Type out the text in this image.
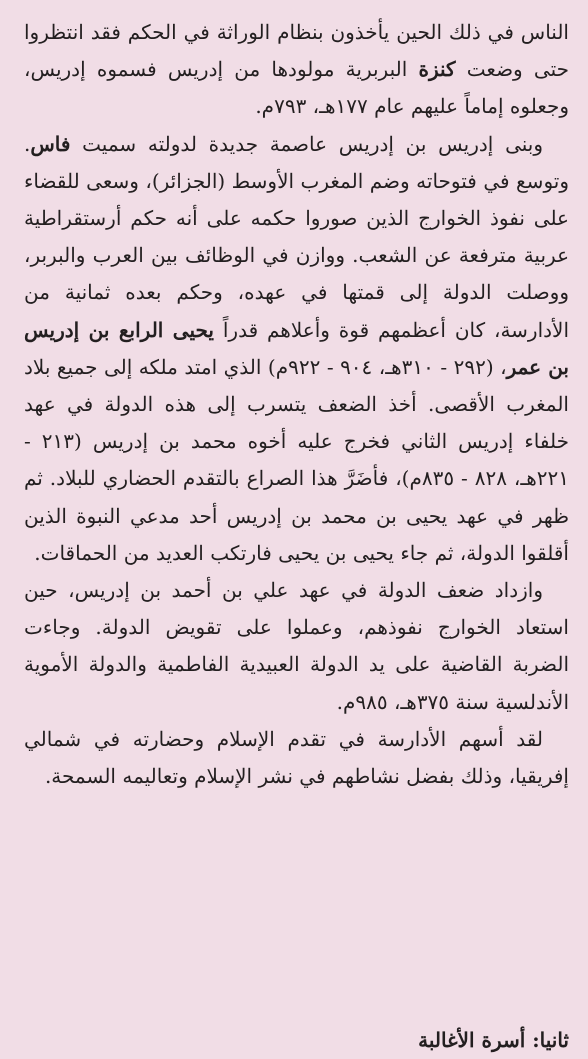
الناس في ذلك الحين يأخذون بنظام الوراثة في الحكم فقد انتظروا حتى وضعت كنزة البربرية مولودها من إدريس فسموه إدريس، وجعلوه إماماً عليهم عام ١٧٧هـ، ٧٩٣م.

وبنى إدريس بن إدريس عاصمة جديدة لدولته سميت فاس. وتوسع في فتوحاته وضم المغرب الأوسط (الجزائر)، وسعى للقضاء على نفوذ الخوارج الذين صوروا حكمه على أنه حكم أرستقراطية عربية مترفعة عن الشعب. ووازن في الوظائف بين العرب والبربر، ووصلت الدولة إلى قمتها في عهده، وحكم بعده ثمانية من الأدارسة، كان أعظمهم قوة وأعلاهم قدراً يحيى الرابع بن إدريس بن عمر، (٢٩٢ - ٣١٠هـ، ٩٠٤ - ٩٢٢م) الذي امتد ملكه إلى جميع بلاد المغرب الأقصى. أخذ الضعف يتسرب إلى هذه الدولة في عهد خلفاء إدريس الثاني فخرج عليه أخوه محمد بن إدريس (٢١٣ - ٢٢١هـ، ٨٢٨ - ٨٣٥م)، فأضَرَّ هذا الصراع بالتقدم الحضاري للبلاد. ثم ظهر في عهد يحيى بن محمد بن إدريس أحد مدعي النبوة الذين أقلقوا الدولة، ثم جاء يحيى بن يحيى فارتكب العديد من الحماقات.

وازداد ضعف الدولة في عهد علي بن أحمد بن إدريس، حين استعاد الخوارج نفوذهم، وعملوا على تقويض الدولة. وجاءت الضربة القاضية على يد الدولة العبيدية الفاطمية والدولة الأموية الأندلسية سنة ٣٧٥هـ، ٩٨٥م.

لقد أسهم الأدارسة في تقدم الإسلام وحضارته في شمالي إفريقيا، وذلك بفضل نشاطهم في نشر الإسلام وتعاليمه السمحة.

ثانيا: أسرة الأغالبة
